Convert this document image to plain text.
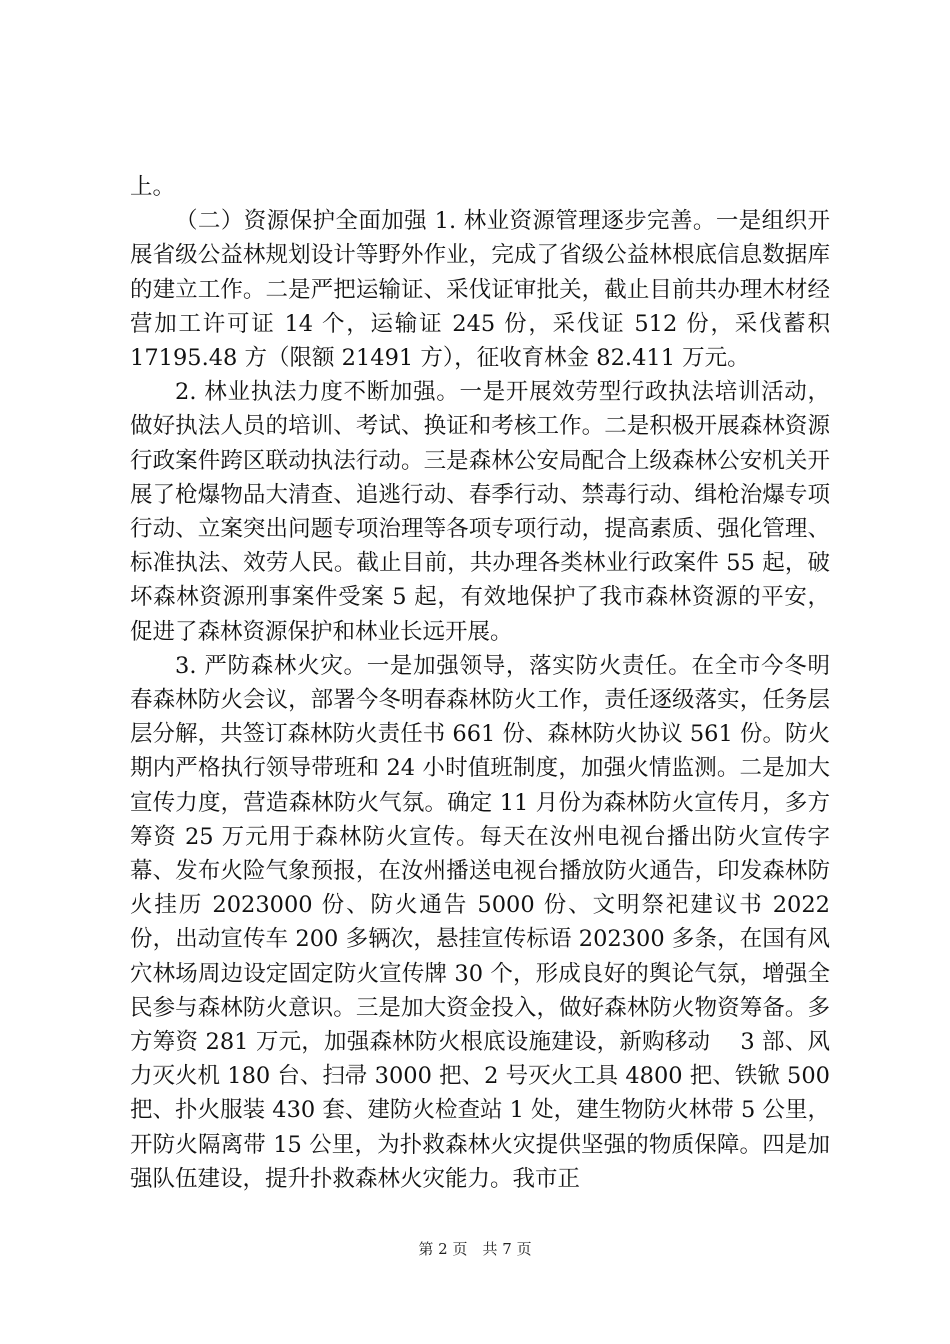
上。

（二）资源保护全面加强 1. 林业资源管理逐步完善。一是组织开展省级公益林规划设计等野外作业，完成了省级公益林根底信息数据库的建立工作。二是严把运输证、采伐证审批关，截止目前共办理木材经营加工许可证 14 个，运输证 245 份，采伐证 512 份，采伐蓄积 17195.48 方（限额 21491 方），征收育林金 82.411 万元。

2. 林业执法力度不断加强。一是开展效劳型行政执法培训活动，做好执法人员的培训、考试、换证和考核工作。二是积极开展森林资源行政案件跨区联动执法行动。三是森林公安局配合上级森林公安机关开展了枪爆物品大清查、追逃行动、春季行动、禁毒行动、缉枪治爆专项行动、立案突出问题专项治理等各项专项行动，提高素质、强化管理、标准执法、效劳人民。截止目前，共办理各类林业行政案件 55 起，破坏森林资源刑事案件受案 5 起，有效地保护了我市森林资源的平安，促进了森林资源保护和林业长远开展。

3. 严防森林火灾。一是加强领导，落实防火责任。在全市今冬明春森林防火会议，部署今冬明春森林防火工作，责任逐级落实，任务层层分解，共签订森林防火责任书 661 份、森林防火协议 561 份。防火期内严格执行领导带班和 24 小时值班制度，加强火情监测。二是加大宣传力度，营造森林防火气氛。确定 11 月份为森林防火宣传月，多方筹资 25 万元用于森林防火宣传。每天在汝州电视台播出防火宣传字幕、发布火险气象预报，在汝州播送电视台播放防火通告，印发森林防火挂历 2023000 份、防火通告 5000 份、文明祭祀建议书 2022 份，出动宣传车 200 多辆次，悬挂宣传标语 202300 多条，在国有风穴林场周边设定固定防火宣传牌 30 个，形成良好的舆论气氛，增强全民参与森林防火意识。三是加大资金投入，做好森林防火物资筹备。多方筹资 281 万元，加强森林防火根底设施建设，新购移动　 3 部、风力灭火机 180 台、扫帚 3000 把、2 号灭火工具 4800 把、铁锨 500 把、扑火服装 430 套、建防火检查站 1 处，建生物防火林带 5 公里，开防火隔离带 15 公里，为扑救森林火灾提供坚强的物质保障。四是加强队伍建设，提升扑救森林火灾能力。我市正

第 2 页　共 7 页
